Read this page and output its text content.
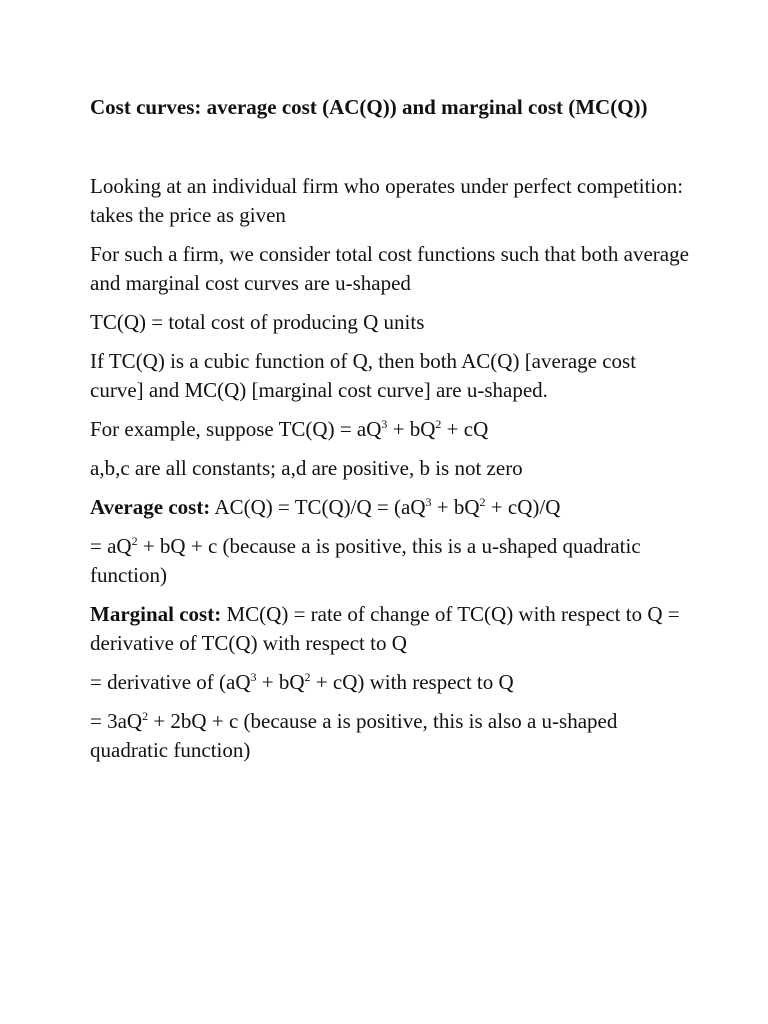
Cost curves: average cost (AC(Q)) and marginal cost (MC(Q))

Looking at an individual firm who operates under perfect competition: takes the price as given

For such a firm, we consider total cost functions such that both average and marginal cost curves are u-shaped

TC(Q) = total cost of producing Q units

If TC(Q) is a cubic function of Q, then both AC(Q) [average cost curve] and MC(Q) [marginal cost curve] are u-shaped.

For example, suppose $TC(Q) = aQ^3 + bQ^2$ + cQ

a,b,c are all constants; a,d are positive, b is not zero

Average cost: $AC(Q) = TC(Q)/Q = (aQ^3 + bQ^2 + cQ)/Q$

= $aQ^2$ + bQ + c (because a is positive, this is a u-shaped quadratic function)

Marginal cost: MC(Q) = rate of change of TC(Q) with respect to Q = derivative of TC(Q) with respect to Q

= derivative of $(aQ^3 + bQ^2 + cQ)$ with respect to Q

= $3aQ^2 + 2bQ + c$ (because a is positive, this is also a u-shaped quadratic function)
